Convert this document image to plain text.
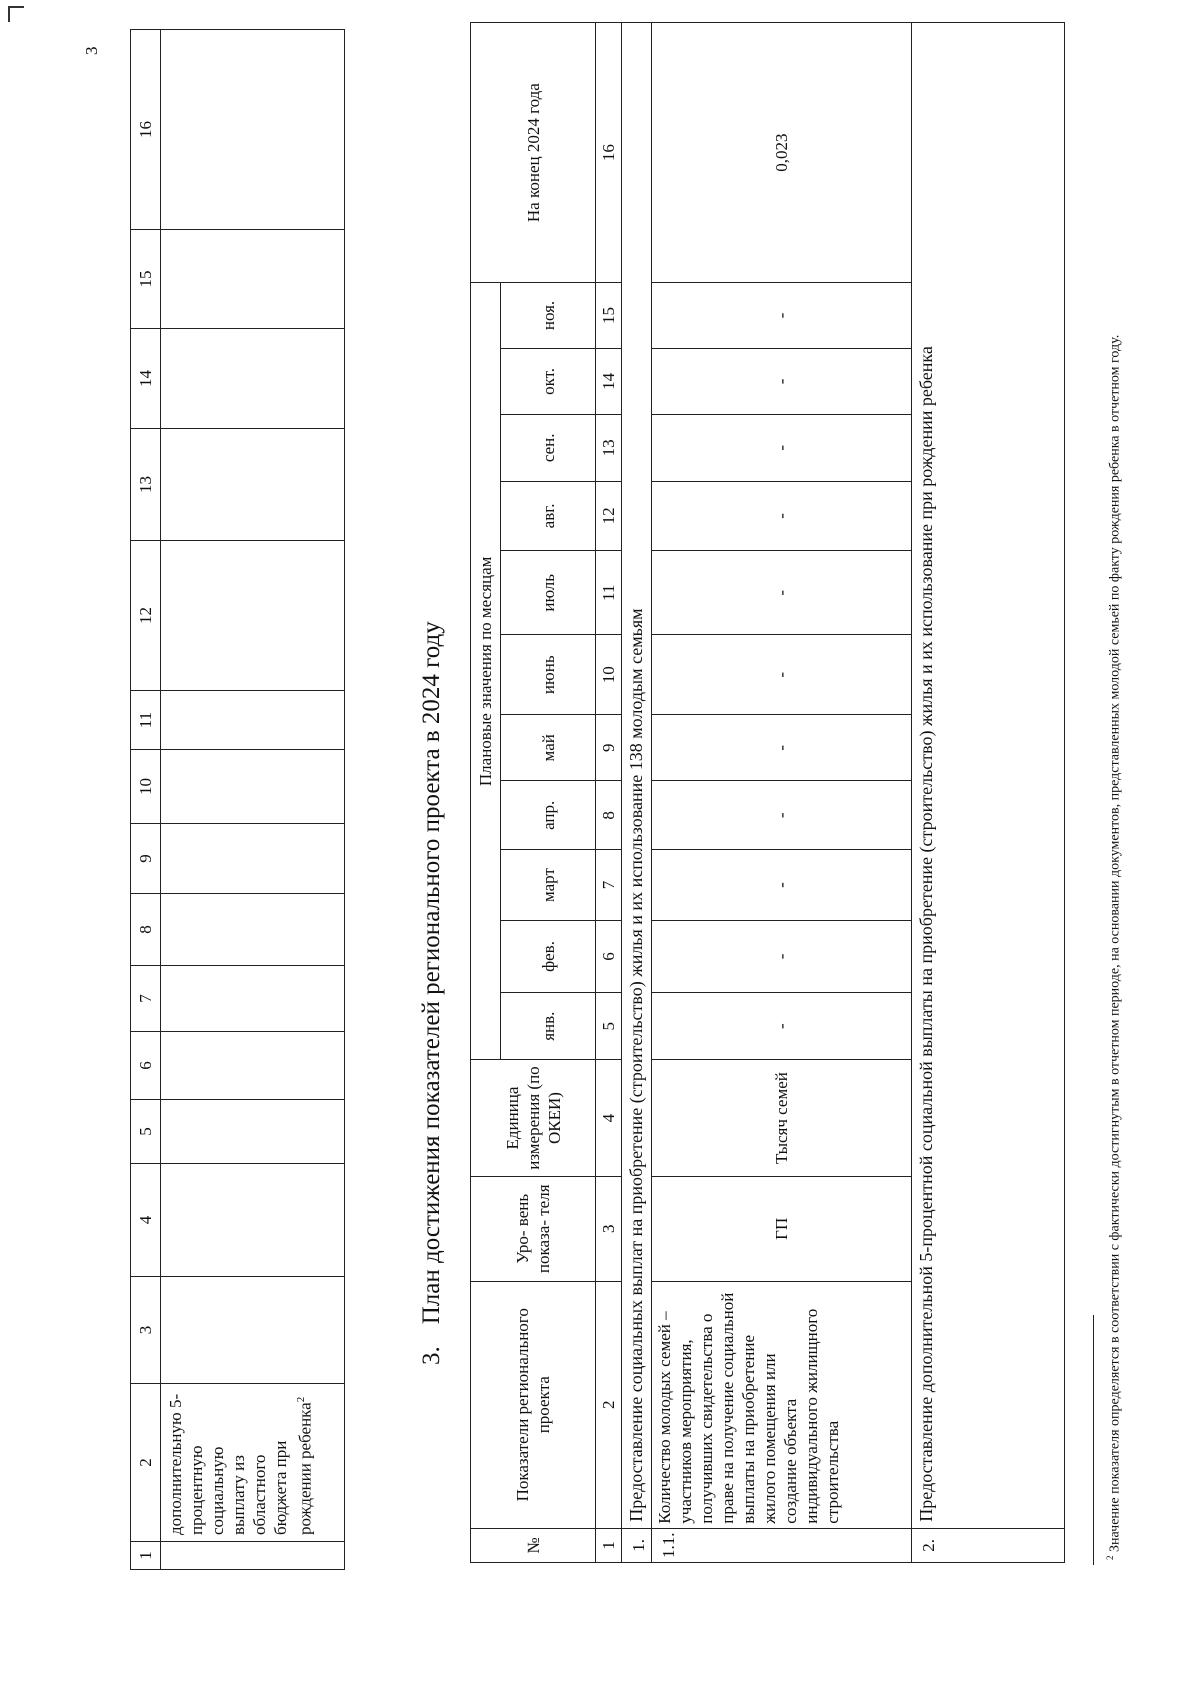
3
1	2	3	4	5	6	7	8	9	10	11	12	13	14	15	16
	дополнительную 5-процентную социальную выплату из областного бюджета при рождении ребенка$^2$														
3.План достижения показателей регионального проекта в 2024 году
№	Показатели регионального проекта	Уро- вень показа- теля	Единица измерения (по ОКЕИ)	Плановые значения по месяцам											На конец 2024 года
				янв.	фев.	март	апр.	май	июнь	июль	авг.	сен.	окт.	ноя.	
1	2	3	4	5	6	7	8	9	10	11	12	13	14	15	16
1.	Предоставление социальных выплат на приобретение (строительство) жилья и их использование 138 молодым семьям														
1.1.	Количество молодых семей – участников мероприятия, получивших свидетельства о праве на получение социальной выплаты на приобретение жилого помещения или создание объекта индивидуального жилищного строительства	ГП	Тысяч семей	-	-	-	-	-	-	-	-	-	-	-	0,023
2.	Предоставление дополнительной 5-процентной социальной выплаты на приобретение (строительство) жилья и их использование при рождении ребенка														
$^2$ Значение показателя определяется в соответствии с фактически достигнутым в отчетном периоде, на основании документов, представленных молодой семьей по факту рождения ребенка в отчетном году.
